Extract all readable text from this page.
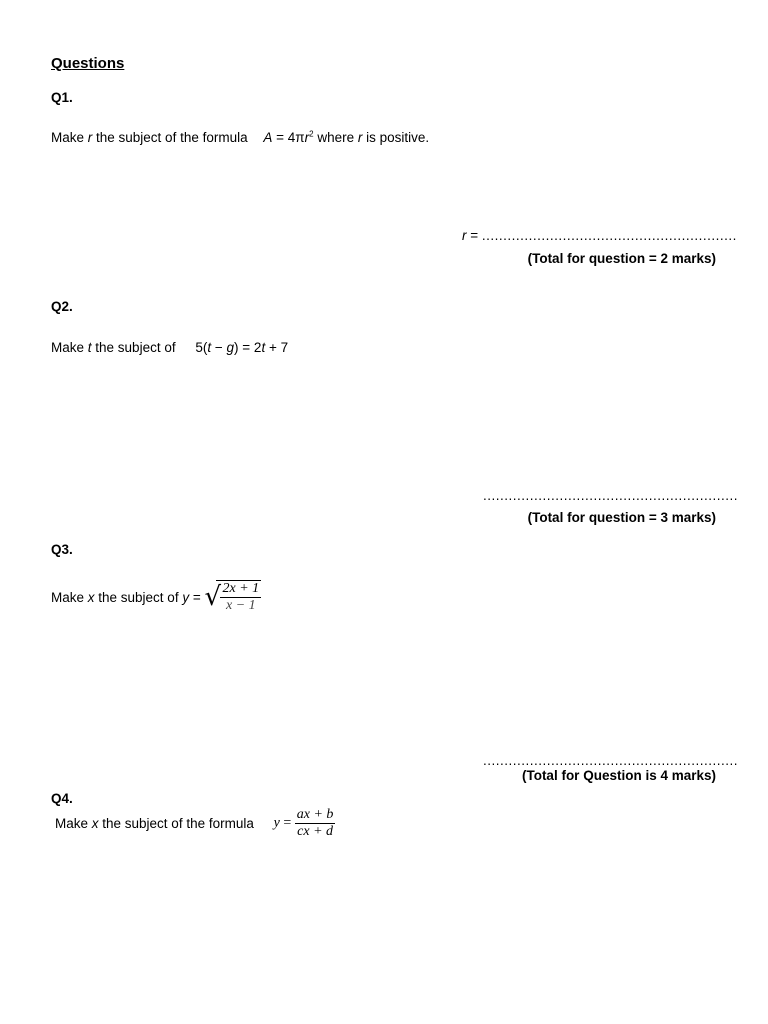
Questions
Q1.
Make r the subject of the formula $A = 4\pi r^2$ where r is positive.
r = ............................................................
(Total for question = 2 marks)
Q2.
Make t the subject of 5(t − g) = 2t + 7
............................................................
(Total for question = 3 marks)
Q3.
Make x the subject of y = √ $\frac{2x + 1}{x - 1}$
............................................................
(Total for Question is 4 marks)
Q4.
Make x the subject of the formula $y = \frac{ax + b}{cx + d}$
